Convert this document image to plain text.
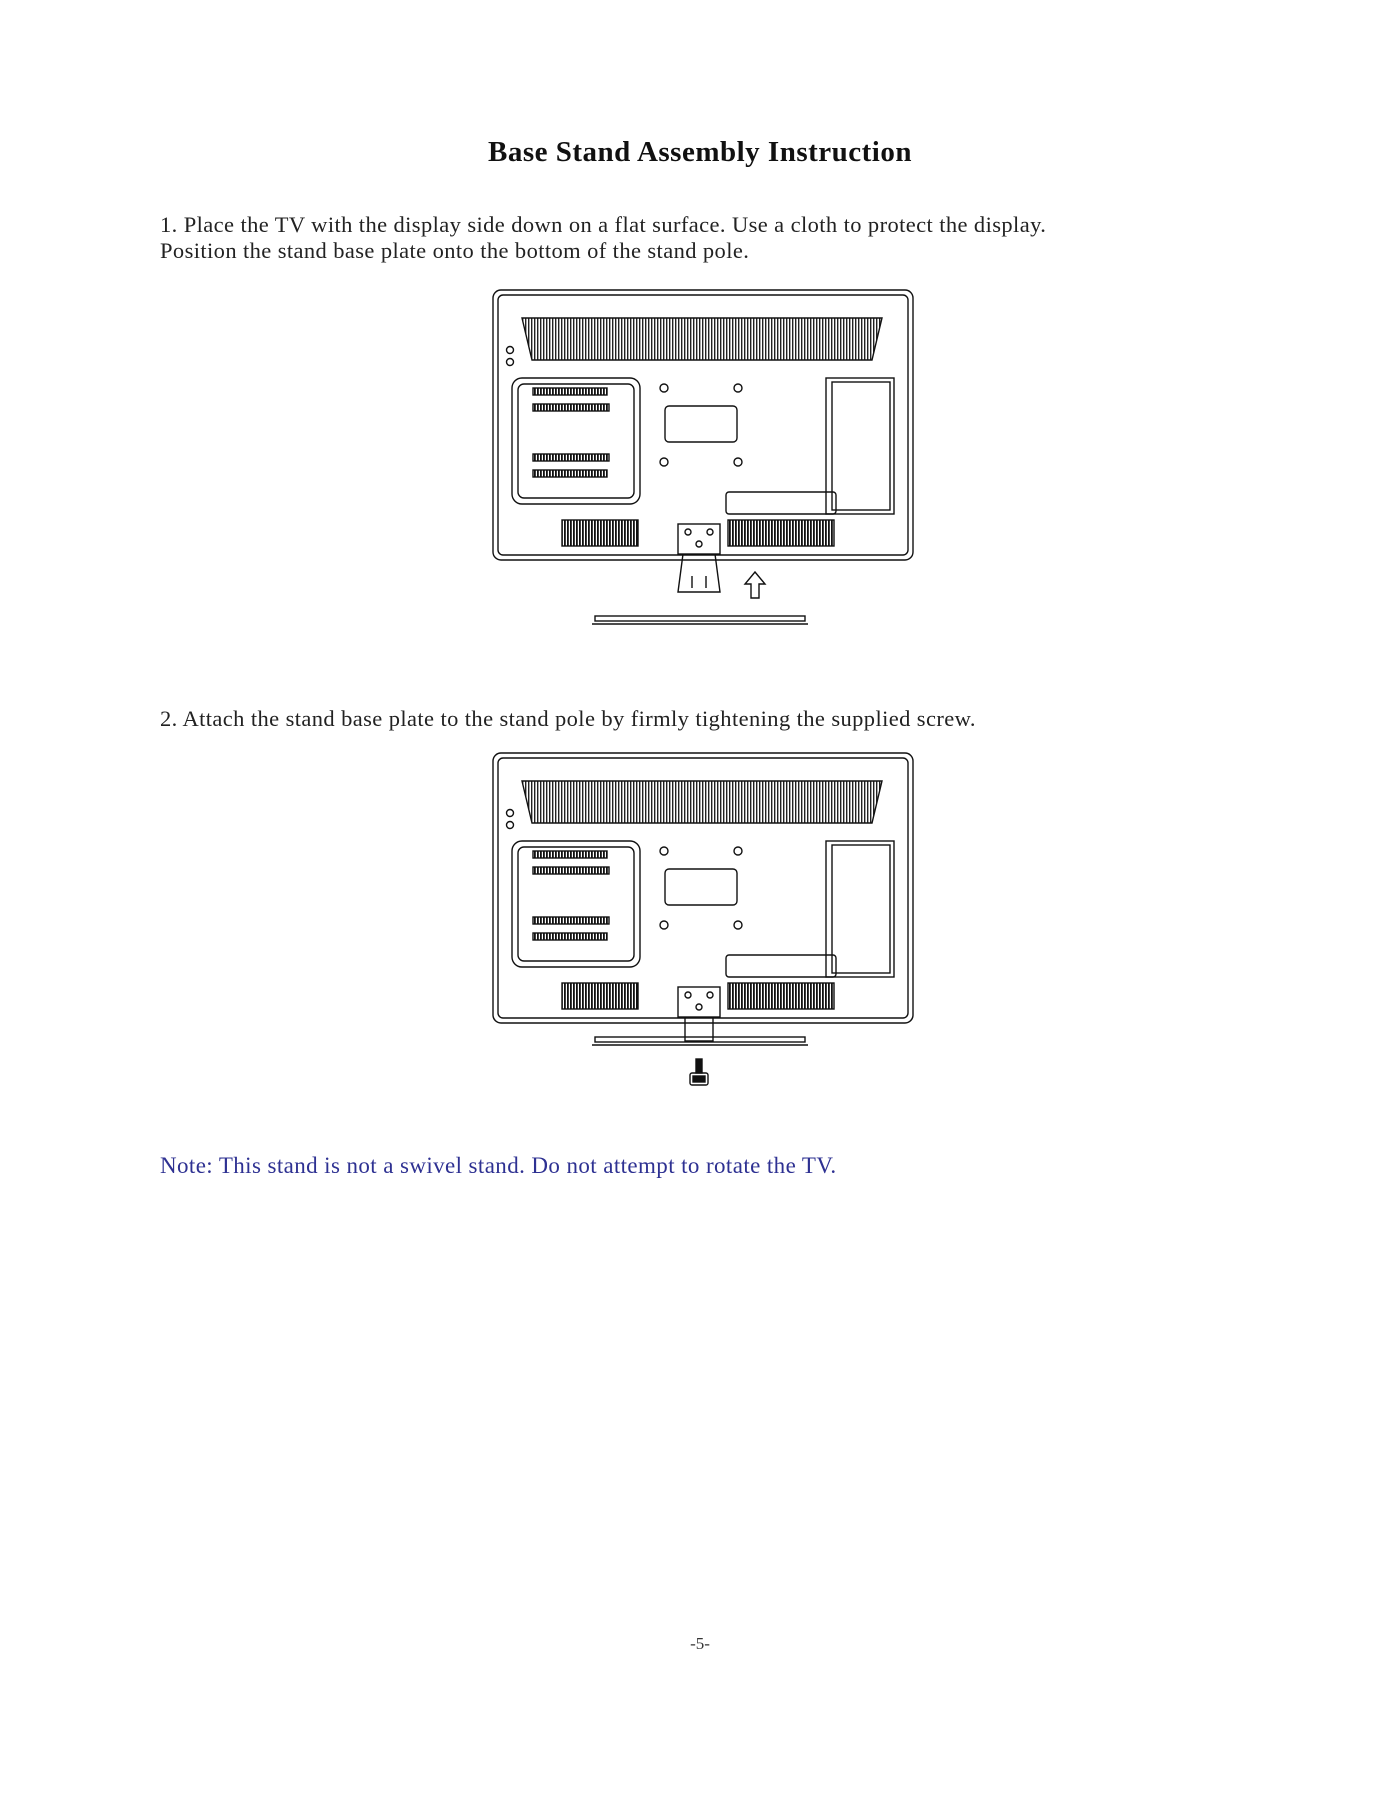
Base Stand Assembly Instruction
1. Place the TV with the display side down on a flat surface. Use a cloth to protect the display.
Position the stand base plate onto the bottom of the stand pole.
2. Attach the stand base plate to the stand pole by firmly tightening the supplied screw.
Note: This stand is not a swivel stand. Do not attempt to rotate the TV.
-5-
